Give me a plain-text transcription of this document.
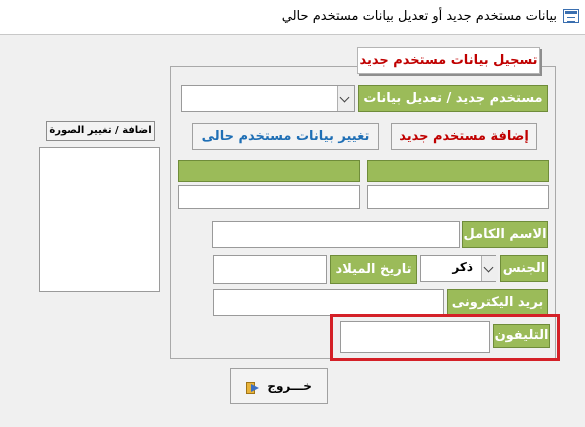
بيانات مستخدم جديد أو تعديل بيانات مستخدم حالي
تسجيل بيانات مستخدم جديد
مستخدم جديد / تعديل بيانات
تغيير بيانات مستخدم حالى	إضافة مستخدم جديد
الاسم الكامل
تاريخ الميلاد	ذكر الجنس
بريد اليكترونى
التليفون
اضافة / تغيير الصورة
خـــروج
